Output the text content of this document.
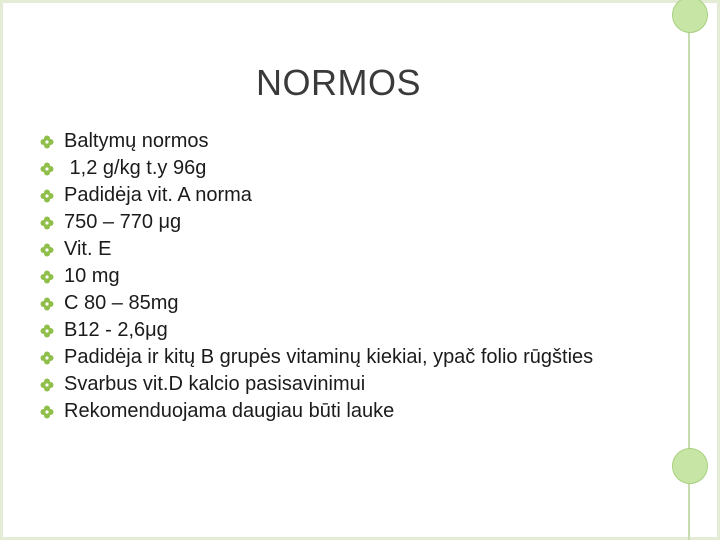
NORMOS
Baltymų normos
1,2 g/kg t.y 96g
Padidėja vit. A norma
750 – 770 μg
Vit. E
10 mg
C 80 – 85mg
B12 - 2,6μg
Padidėja ir kitų B grupės vitaminų kiekiai, ypač folio rūgšties
Svarbus vit.D kalcio pasisavinimui
Rekomenduojama daugiau būti lauke
